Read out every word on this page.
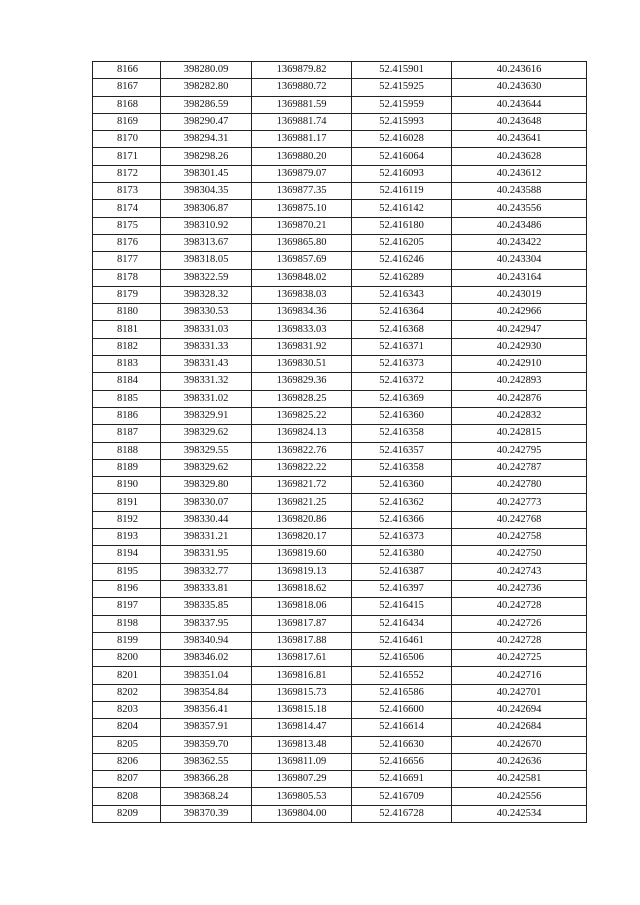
8166	398280.09	1369879.82	52.415901	40.243616
8167	398282.80	1369880.72	52.415925	40.243630
8168	398286.59	1369881.59	52.415959	40.243644
8169	398290.47	1369881.74	52.415993	40.243648
8170	398294.31	1369881.17	52.416028	40.243641
8171	398298.26	1369880.20	52.416064	40.243628
8172	398301.45	1369879.07	52.416093	40.243612
8173	398304.35	1369877.35	52.416119	40.243588
8174	398306.87	1369875.10	52.416142	40.243556
8175	398310.92	1369870.21	52.416180	40.243486
8176	398313.67	1369865.80	52.416205	40.243422
8177	398318.05	1369857.69	52.416246	40.243304
8178	398322.59	1369848.02	52.416289	40.243164
8179	398328.32	1369838.03	52.416343	40.243019
8180	398330.53	1369834.36	52.416364	40.242966
8181	398331.03	1369833.03	52.416368	40.242947
8182	398331.33	1369831.92	52.416371	40.242930
8183	398331.43	1369830.51	52.416373	40.242910
8184	398331.32	1369829.36	52.416372	40.242893
8185	398331.02	1369828.25	52.416369	40.242876
8186	398329.91	1369825.22	52.416360	40.242832
8187	398329.62	1369824.13	52.416358	40.242815
8188	398329.55	1369822.76	52.416357	40.242795
8189	398329.62	1369822.22	52.416358	40.242787
8190	398329.80	1369821.72	52.416360	40.242780
8191	398330.07	1369821.25	52.416362	40.242773
8192	398330.44	1369820.86	52.416366	40.242768
8193	398331.21	1369820.17	52.416373	40.242758
8194	398331.95	1369819.60	52.416380	40.242750
8195	398332.77	1369819.13	52.416387	40.242743
8196	398333.81	1369818.62	52.416397	40.242736
8197	398335.85	1369818.06	52.416415	40.242728
8198	398337.95	1369817.87	52.416434	40.242726
8199	398340.94	1369817.88	52.416461	40.242728
8200	398346.02	1369817.61	52.416506	40.242725
8201	398351.04	1369816.81	52.416552	40.242716
8202	398354.84	1369815.73	52.416586	40.242701
8203	398356.41	1369815.18	52.416600	40.242694
8204	398357.91	1369814.47	52.416614	40.242684
8205	398359.70	1369813.48	52.416630	40.242670
8206	398362.55	1369811.09	52.416656	40.242636
8207	398366.28	1369807.29	52.416691	40.242581
8208	398368.24	1369805.53	52.416709	40.242556
8209	398370.39	1369804.00	52.416728	40.242534
